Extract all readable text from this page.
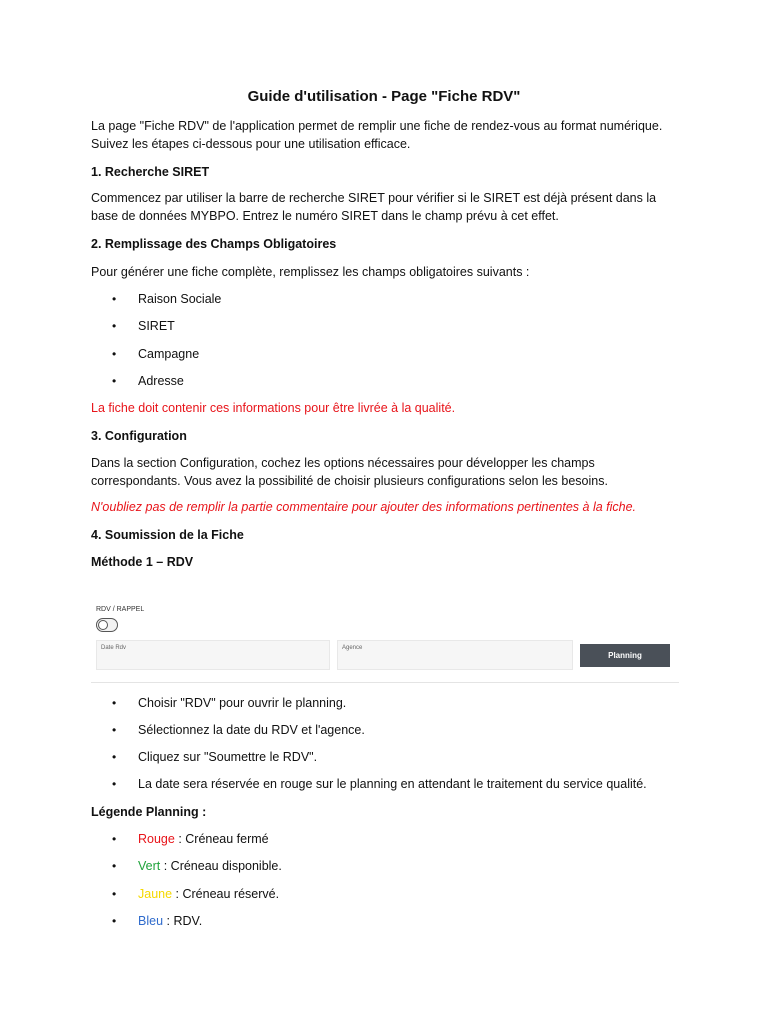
Guide d'utilisation - Page "Fiche RDV"
La page "Fiche RDV" de l'application permet de remplir une fiche de rendez-vous au format numérique. Suivez les étapes ci-dessous pour une utilisation efficace.
1. Recherche SIRET
Commencez par utiliser la barre de recherche SIRET pour vérifier si le SIRET est déjà présent dans la base de données MYBPO. Entrez le numéro SIRET dans le champ prévu à cet effet.
2. Remplissage des Champs Obligatoires
Pour générer une fiche complète, remplissez les champs obligatoires suivants :
• Raison Sociale
• SIRET
• Campagne
• Adresse
La fiche doit contenir ces informations pour être livrée à la qualité.
3. Configuration
Dans la section Configuration, cochez les options nécessaires pour développer les champs correspondants. Vous avez la possibilité de choisir plusieurs configurations selon les besoins.
N'oubliez pas de remplir la partie commentaire pour ajouter des informations pertinentes à la fiche.
4. Soumission de la Fiche
Méthode 1 – RDV
RDV / RAPPEL
Date Rdv	Agence
Planning
• Choisir "RDV" pour ouvrir le planning.
• Sélectionnez la date du RDV et l'agence.
• Cliquez sur "Soumettre le RDV".
• La date sera réservée en rouge sur le planning en attendant le traitement du service qualité.
Légende Planning :
• Rouge : Créneau fermé
• Vert : Créneau disponible.
• Jaune : Créneau réservé.
• Bleu : RDV.
